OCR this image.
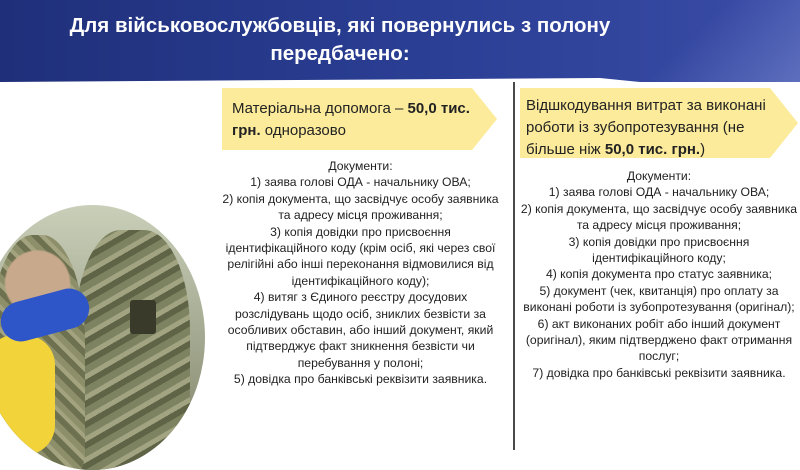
Для військовослужбовців, які повернулись з полону
передбачено:
Матеріальна допомога – 50,0 тис. грн. одноразово
Відшкодування витрат за виконані роботи із зубопротезування (не більше ніж 50,0 тис. грн.)
Документи:
1) заява голові ОДА - начальнику ОВА;
2) копія документа, що засвідчує особу заявника та адресу місця проживання;
3) копія довідки про присвоєння ідентифікаційного коду (крім осіб, які через свої релігійні або інші переконання відмовилися від ідентифікаційного коду);
4) витяг з Єдиного реєстру досудових розслідувань щодо осіб, зниклих безвісти за особливих обставин, або інший документ, який підтверджує факт зникнення безвісти чи перебування у полоні;
5) довідка про банківські реквізити заявника.
Документи:
1) заява голові ОДА - начальнику ОВА;
2) копія документа, що засвідчує особу заявника та адресу місця проживання;
3) копія довідки про присвоєння ідентифікаційного коду;
4) копія документа про статус заявника;
5) документ (чек, квитанція) про оплату за виконані роботи із зубопротезування (оригінал);
6) акт виконаних робіт або інший документ (оригінал), яким підтверджено факт отримання послуг;
7) довідка про банківські реквізити заявника.
